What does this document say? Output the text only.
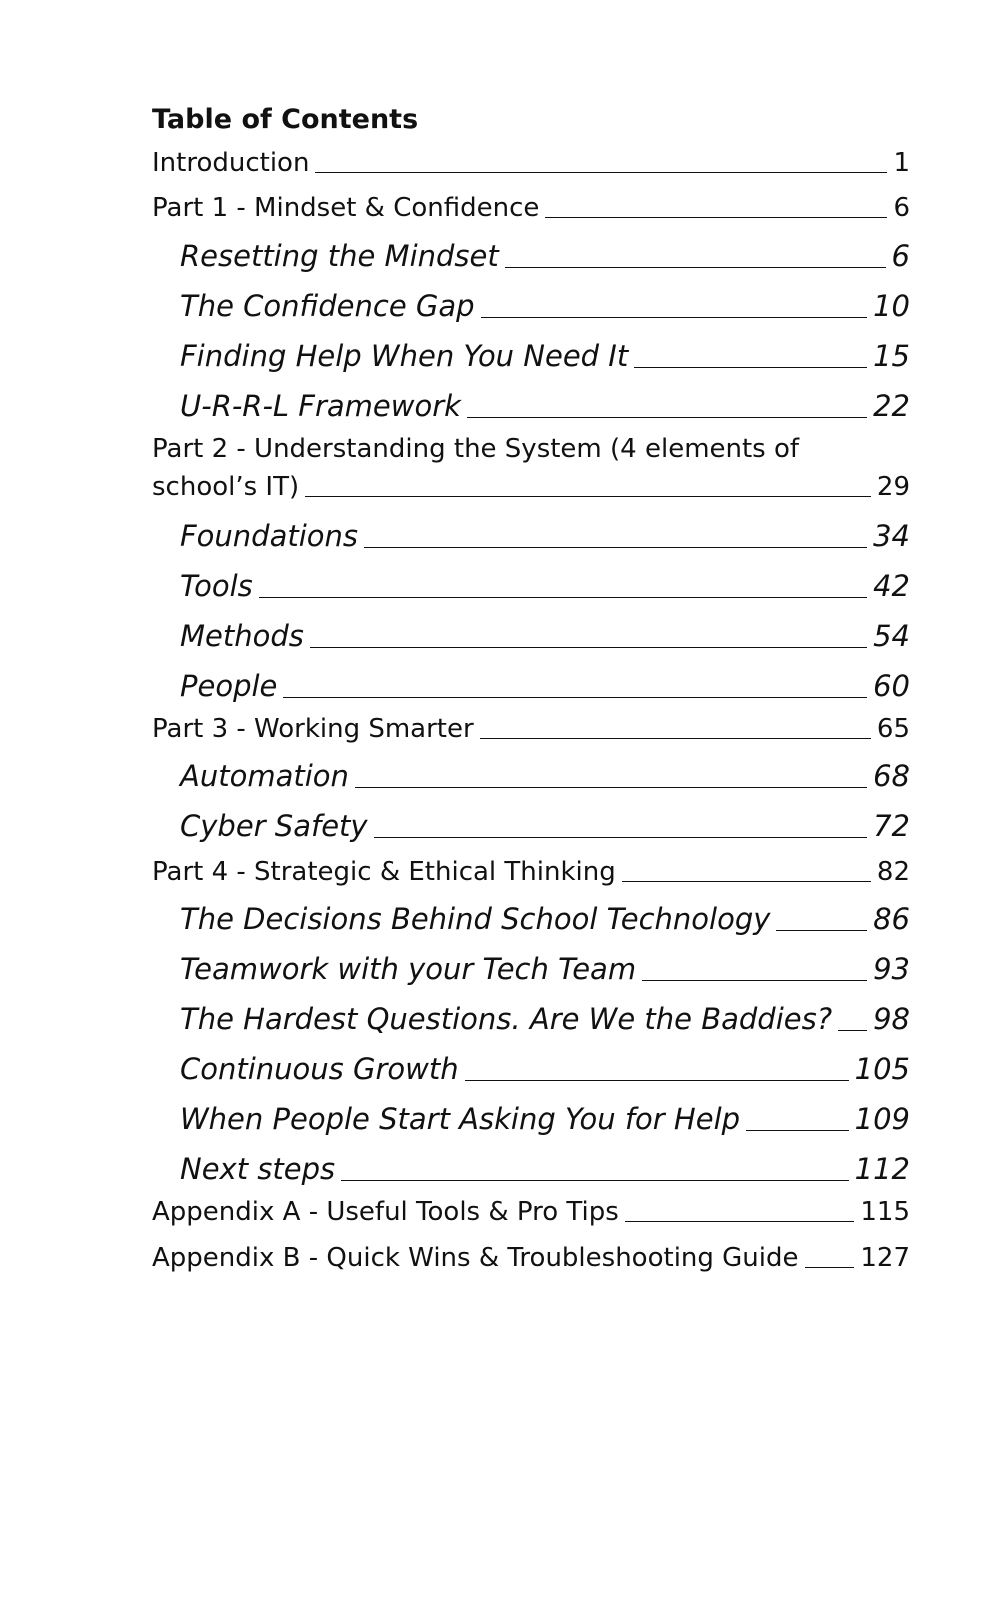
Table of Contents
Introduction	1
Part 1 - Mindset & Confidence	6
Resetting the Mindset	6
The Confidence Gap	10
Finding Help When You Need It	15
U-R-R-L Framework	22
Part 2 - Understanding the System (4 elements of
school’s IT)	29
Foundations	34
Tools	42
Methods	54
People	60
Part 3 - Working Smarter	65
Automation	68
Cyber Safety	72
Part 4 - Strategic & Ethical Thinking	82
The Decisions Behind School Technology	86
Teamwork with your Tech Team	93
The Hardest Questions. Are We the Baddies? 98
Continuous Growth	105
When People Start Asking You for Help	109
Next steps	112
Appendix A - Useful Tools & Pro Tips	115
Appendix B - Quick Wins & Troubleshooting Guide 127
